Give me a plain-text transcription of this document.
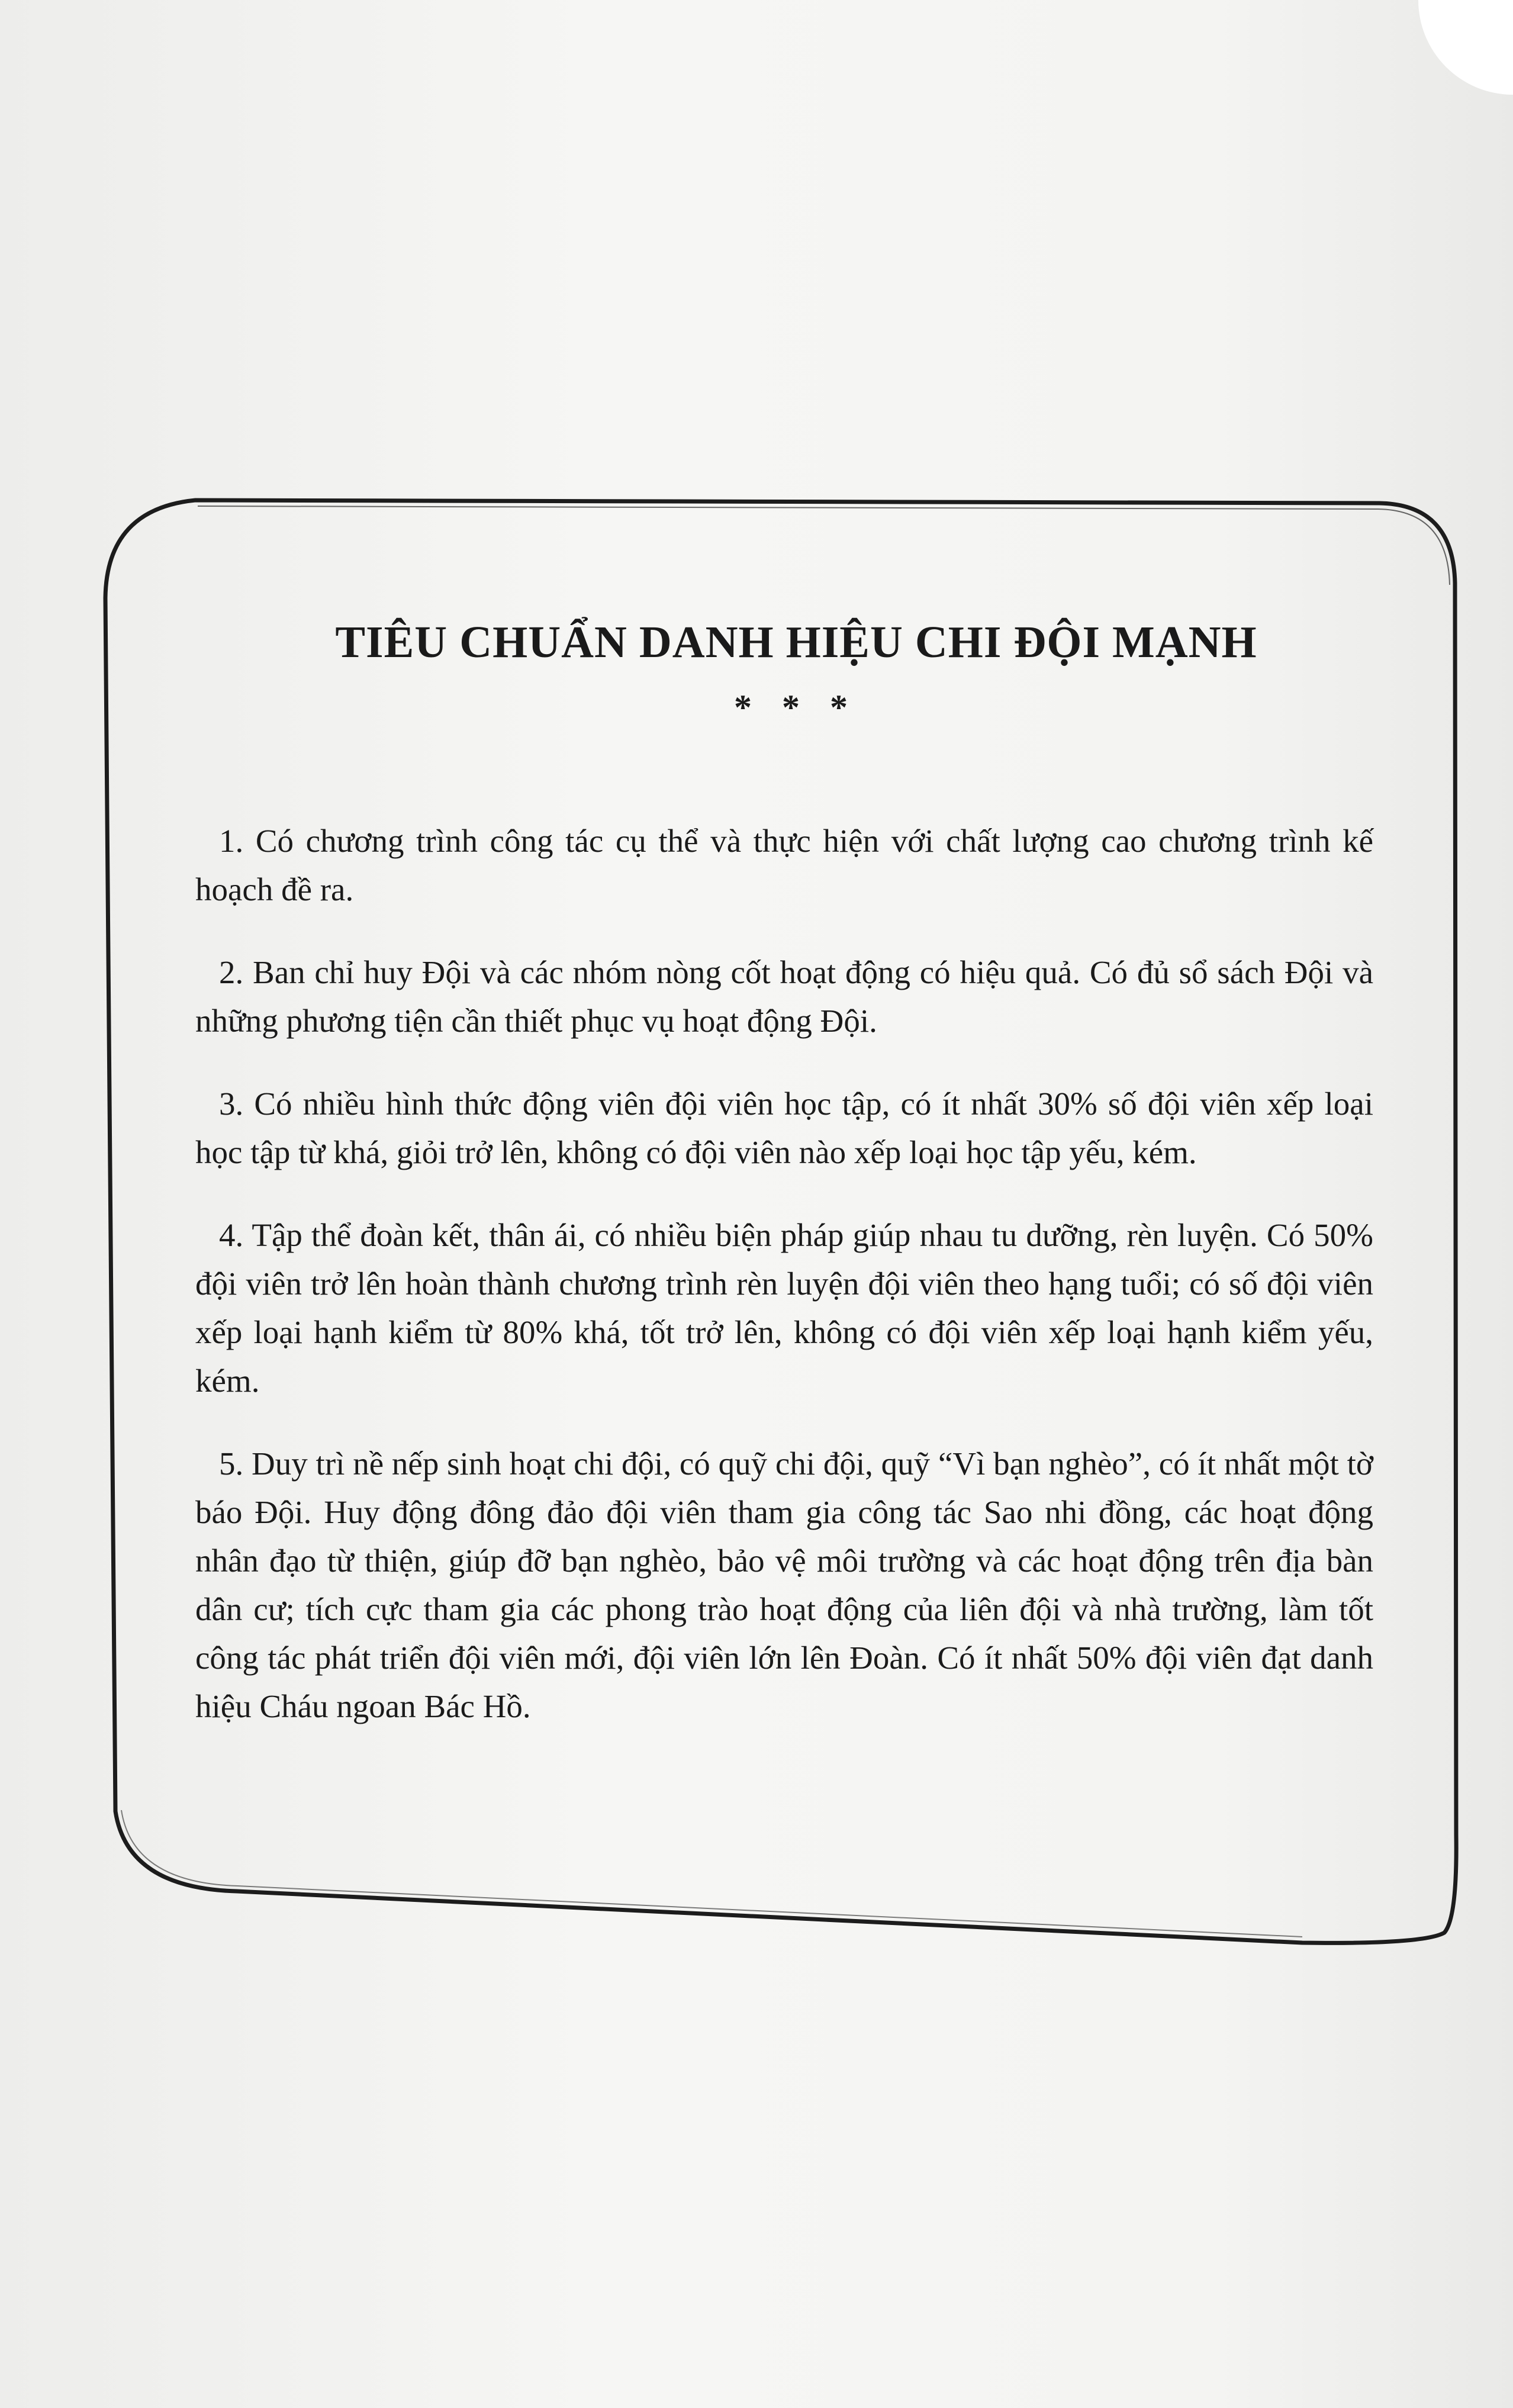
TIÊU CHUẨN DANH HIỆU CHI ĐỘI MẠNH
* * *

1. Có chương trình công tác cụ thể và thực hiện với chất lượng cao chương trình kế hoạch đề ra.

2. Ban chỉ huy Đội và các nhóm nòng cốt hoạt động có hiệu quả. Có đủ sổ sách Đội và những phương tiện cần thiết phục vụ hoạt động Đội.

3. Có nhiều hình thức động viên đội viên học tập, có ít nhất 30% số đội viên xếp loại học tập từ khá, giỏi trở lên, không có đội viên nào xếp loại học tập yếu, kém.

4. Tập thể đoàn kết, thân ái, có nhiều biện pháp giúp nhau tu dưỡng, rèn luyện. Có 50% đội viên trở lên hoàn thành chương trình rèn luyện đội viên theo hạng tuổi; có số đội viên xếp loại hạnh kiểm từ 80% khá, tốt trở lên, không có đội viên xếp loại hạnh kiểm yếu, kém.

5. Duy trì nề nếp sinh hoạt chi đội, có quỹ chi đội, quỹ “Vì bạn nghèo”, có ít nhất một tờ báo Đội. Huy động đông đảo đội viên tham gia công tác Sao nhi đồng, các hoạt động nhân đạo từ thiện, giúp đỡ bạn nghèo, bảo vệ môi trường và các hoạt động trên địa bàn dân cư; tích cực tham gia các phong trào hoạt động của liên đội và nhà trường, làm tốt công tác phát triển đội viên mới, đội viên lớn lên Đoàn. Có ít nhất 50% đội viên đạt danh hiệu Cháu ngoan Bác Hồ.
